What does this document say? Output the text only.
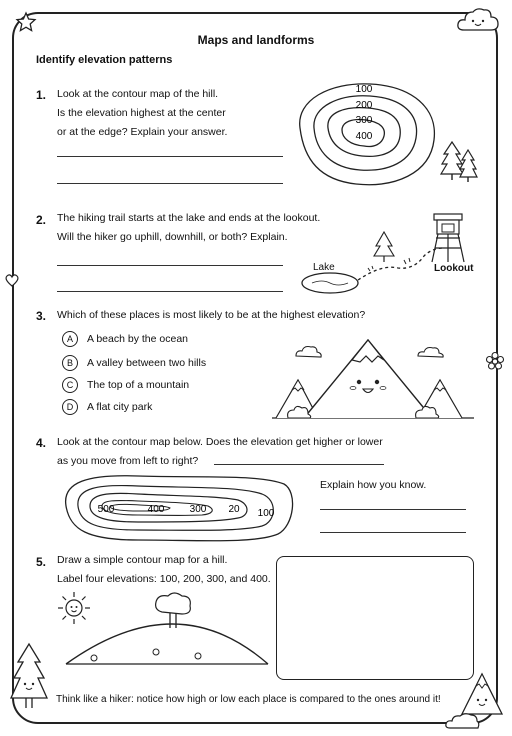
Maps and landforms
Identify elevation patterns
1. Look at the contour map of the hill.
Is the elevation highest at the center
or at the edge? Explain your answer.
100
200
300
400
2. The hiking trail starts at the lake and ends at the lookout.
Will the hiker go uphill, downhill, or both? Explain.
Lake	Lookout
3. Which of these places is most likely to be at the highest elevation?
A	A beach by the ocean
B	A valley between two hills
C	The top of a mountain
D	A flat city park
4. Look at the contour map below. Does the elevation get higher or lower
as you move from left to right?
500	400	300 20 100
Explain how you know.
5. Draw a simple contour map for a hill.
Label four elevations: 100, 200, 300, and 400.
Think like a hiker: notice how high or low each place is compared to the ones around it!
